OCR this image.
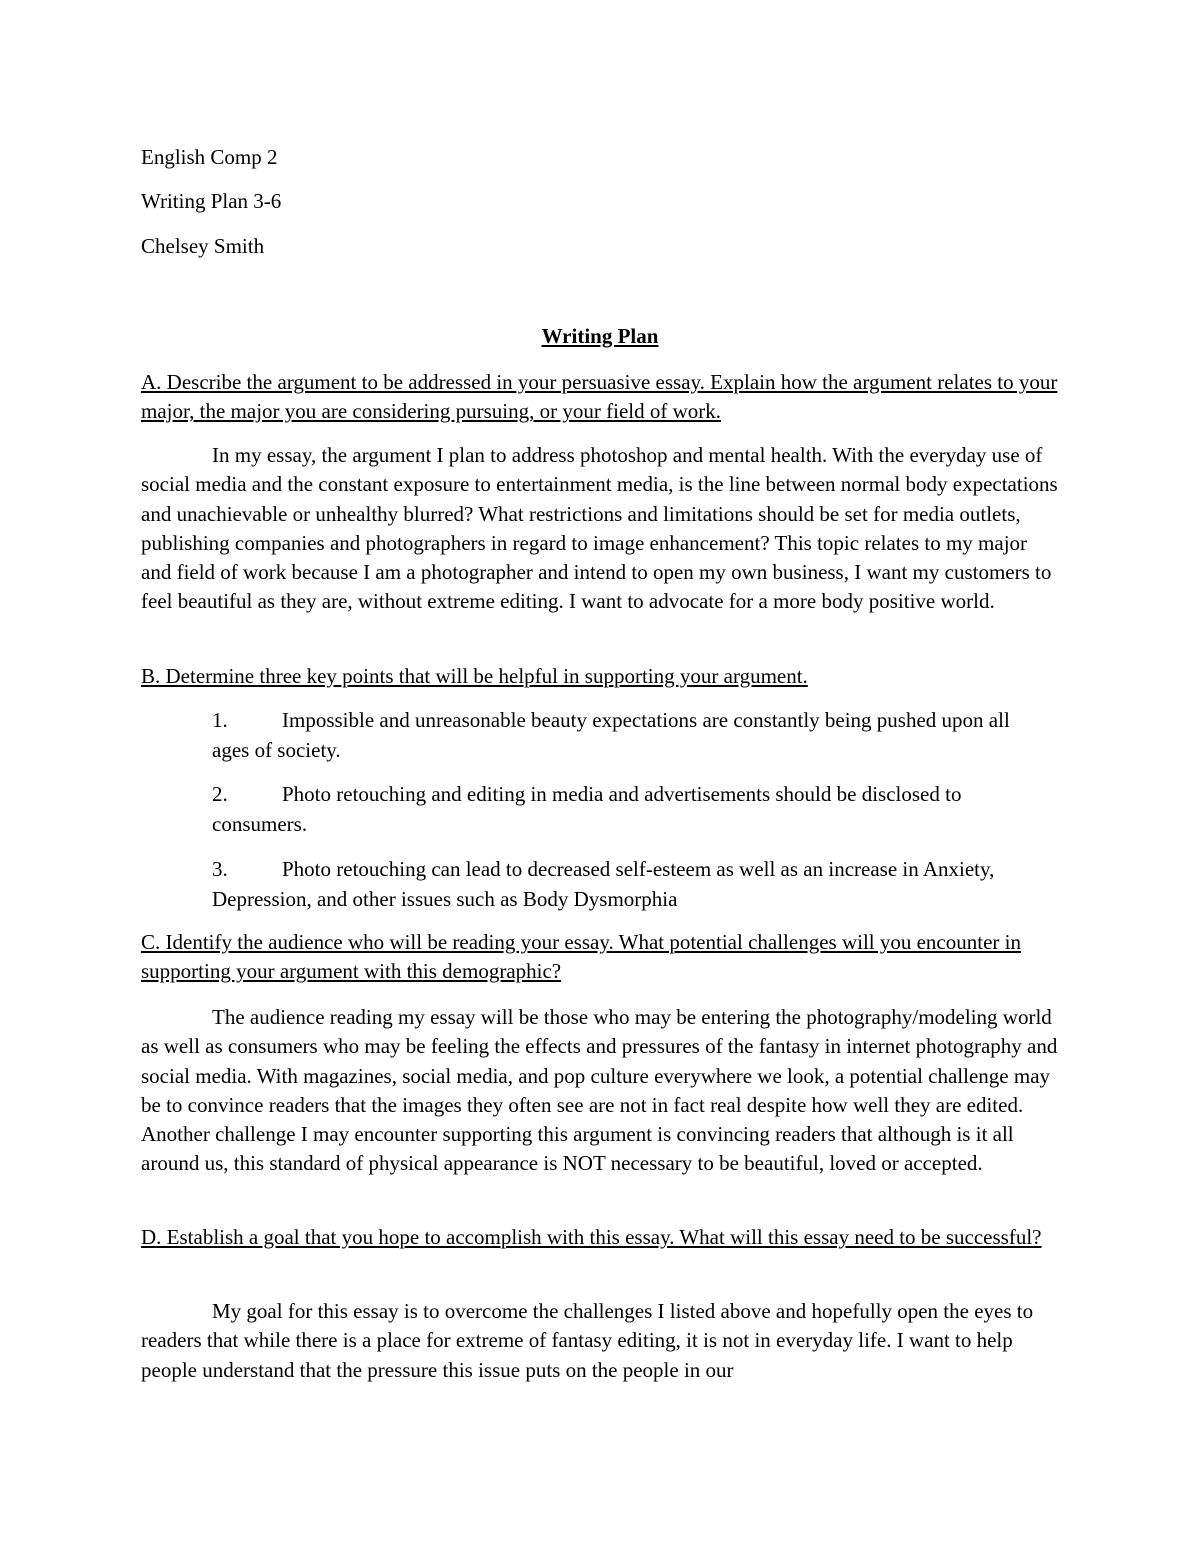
English Comp 2
Writing Plan 3-6
Chelsey Smith
Writing Plan
A. Describe the argument to be addressed in your persuasive essay. Explain how the argument relates to your major, the major you are considering pursuing, or your field of work.
In my essay, the argument I plan to address photoshop and mental health. With the everyday use of social media and the constant exposure to entertainment media, is the line between normal body expectations and unachievable or unhealthy blurred? What restrictions and limitations should be set for media outlets, publishing companies and photographers in regard to image enhancement? This topic relates to my major and field of work because I am a photographer and intend to open my own business, I want my customers to feel beautiful as they are, without extreme editing. I want to advocate for a more body positive world.
B. Determine three key points that will be helpful in supporting your argument.
1.	Impossible and unreasonable beauty expectations are constantly being pushed upon all ages of society.
2.	Photo retouching and editing in media and advertisements should be disclosed to consumers.
3.	Photo retouching can lead to decreased self-esteem as well as an increase in Anxiety, Depression, and other issues such as Body Dysmorphia
C. Identify the audience who will be reading your essay. What potential challenges will you encounter in supporting your argument with this demographic?
The audience reading my essay will be those who may be entering the photography/modeling world as well as consumers who may be feeling the effects and pressures of the fantasy in internet photography and social media. With magazines, social media, and pop culture everywhere we look, a potential challenge may be to convince readers that the images they often see are not in fact real despite how well they are edited. Another challenge I may encounter supporting this argument is convincing readers that although is it all around us, this standard of physical appearance is NOT necessary to be beautiful, loved or accepted.
D. Establish a goal that you hope to accomplish with this essay. What will this essay need to be successful?
My goal for this essay is to overcome the challenges I listed above and hopefully open the eyes to readers that while there is a place for extreme of fantasy editing, it is not in everyday life. I want to help people understand that the pressure this issue puts on the people in our
